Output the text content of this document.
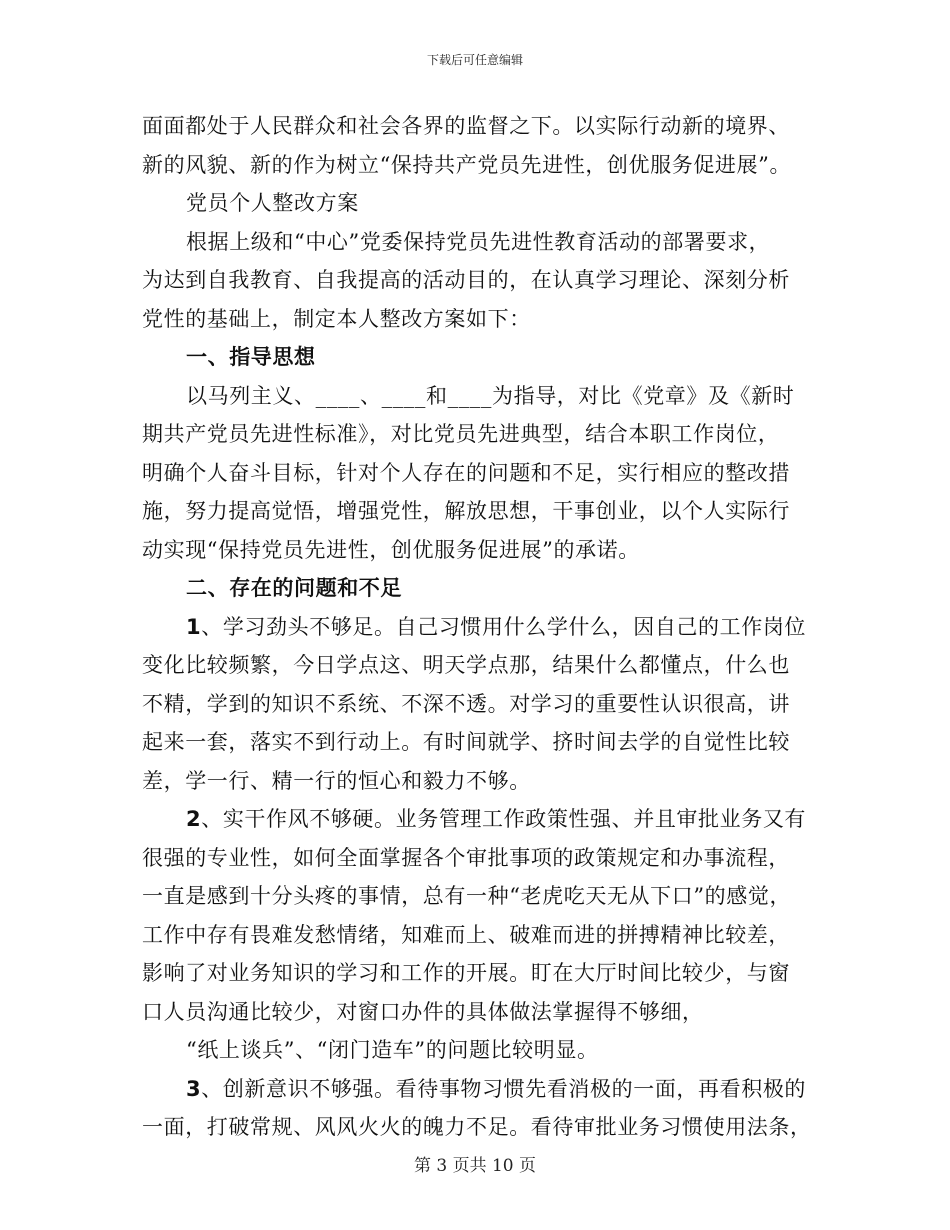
下载后可任意编辑
面面都处于人民群众和社会各界的监督之下。以实际行动新的境界、
新的风貌、新的作为树立“保持共产党员先进性，创优服务促进展”。
党员个人整改方案
根据上级和“中心”党委保持党员先进性教育活动的部署要求，
为达到自我教育、自我提高的活动目的，在认真学习理论、深刻分析
党性的基础上，制定本人整改方案如下：
一、指导思想
以马列主义、____、____和____为指导，对比《党章》及《新时
期共产党员先进性标准》，对比党员先进典型，结合本职工作岗位，
明确个人奋斗目标，针对个人存在的问题和不足，实行相应的整改措
施，努力提高觉悟，增强党性，解放思想，干事创业，以个人实际行
动实现“保持党员先进性，创优服务促进展”的承诺。
二、存在的问题和不足
1、学习劲头不够足。自己习惯用什么学什么，因自己的工作岗位
变化比较频繁，今日学点这、明天学点那，结果什么都懂点，什么也
不精，学到的知识不系统、不深不透。对学习的重要性认识很高，讲
起来一套，落实不到行动上。有时间就学、挤时间去学的自觉性比较
差，学一行、精一行的恒心和毅力不够。
2、实干作风不够硬。业务管理工作政策性强、并且审批业务又有
很强的专业性，如何全面掌握各个审批事项的政策规定和办事流程，
一直是感到十分头疼的事情，总有一种“老虎吃天无从下口”的感觉，
工作中存有畏难发愁情绪，知难而上、破难而进的拼搏精神比较差，
影响了对业务知识的学习和工作的开展。盯在大厅时间比较少，与窗
口人员沟通比较少，对窗口办件的具体做法掌握得不够细，
“纸上谈兵”、“闭门造车”的问题比较明显。
3、创新意识不够强。看待事物习惯先看消极的一面，再看积极的
一面，打破常规、风风火火的魄力不足。看待审批业务习惯使用法条，
第 3 页共 10 页
